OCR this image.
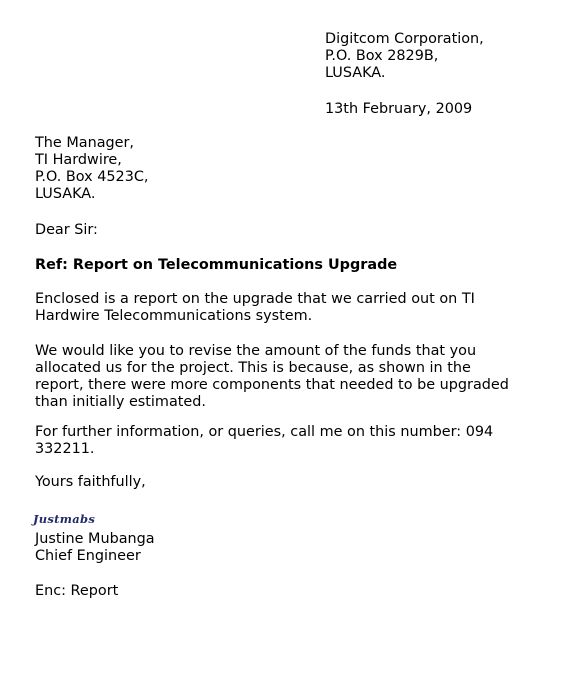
Digitcom Corporation,
P.O. Box 2829B,
LUSAKA.
13th February, 2009
The Manager,
TI Hardwire,
P.O. Box 4523C,
LUSAKA.
Dear Sir:
Ref: Report on Telecommunications Upgrade
Enclosed is a report on the upgrade that we carried out on TI
Hardwire Telecommunications system.
We would like you to revise the amount of the funds that you
allocated us for the project. This is because, as shown in the
report, there were more components that needed to be upgraded
than initially estimated.
For further information, or queries, call me on this number: 094
332211.
Yours faithfully,
Justmabs
Justine Mubanga
Chief Engineer
Enc: Report
